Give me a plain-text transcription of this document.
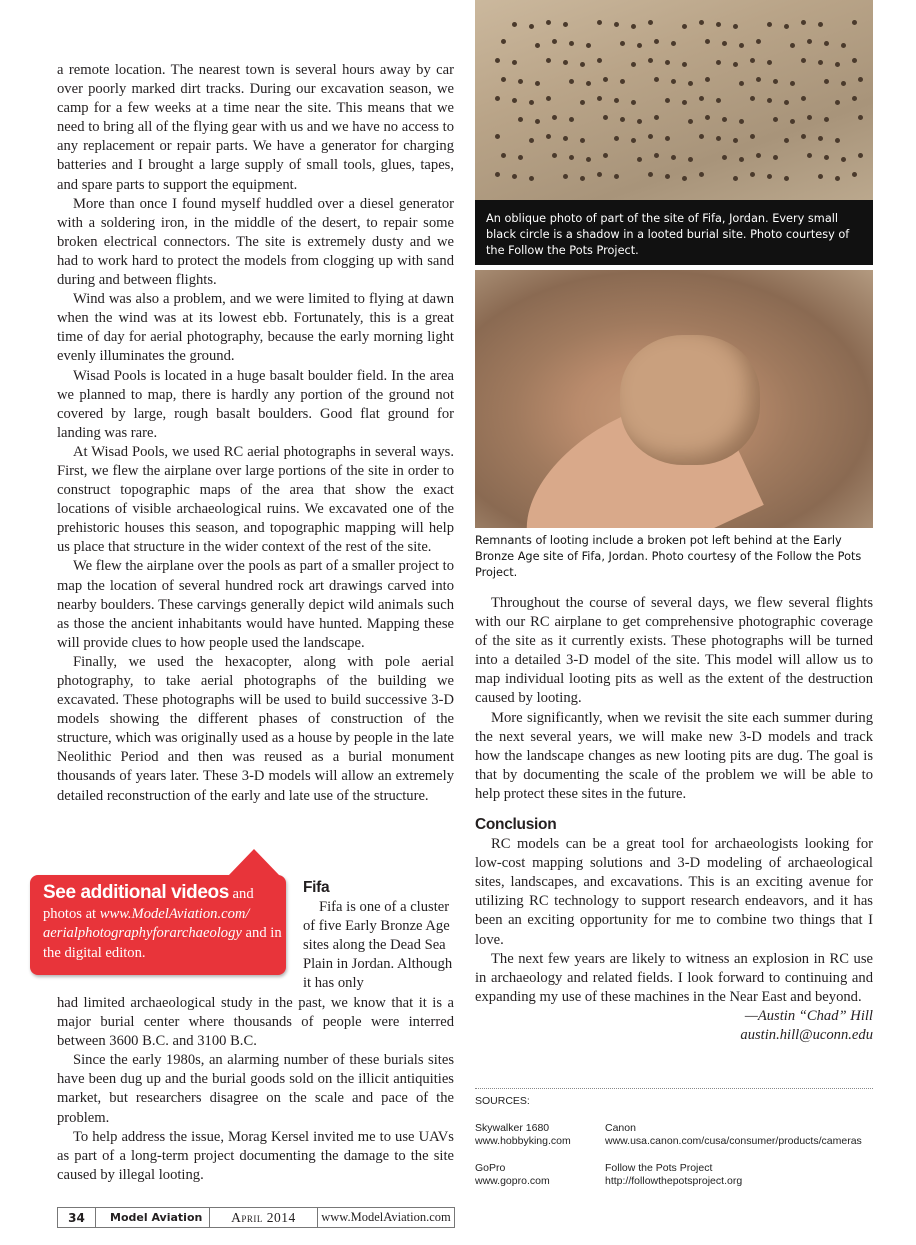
a remote location. The nearest town is several hours away by car over poorly marked dirt tracks. During our excavation season, we camp for a few weeks at a time near the site. This means that we need to bring all of the flying gear with us and we have no access to any replacement or repair parts. We have a generator for charging batteries and I brought a large supply of small tools, glues, tapes, and spare parts to support the equipment.

More than once I found myself huddled over a diesel generator with a soldering iron, in the middle of the desert, to repair some broken electrical connectors. The site is extremely dusty and we had to work hard to protect the models from clogging up with sand during and between flights.

Wind was also a problem, and we were limited to flying at dawn when the wind was at its lowest ebb. Fortunately, this is a great time of day for aerial photography, because the early morning light evenly illuminates the ground.

Wisad Pools is located in a huge basalt boulder field. In the area we planned to map, there is hardly any portion of the ground not covered by large, rough basalt boulders. Good flat ground for landing was rare.

At Wisad Pools, we used RC aerial photographs in several ways. First, we flew the airplane over large portions of the site in order to construct topographic maps of the area that show the exact locations of visible archaeological ruins. We excavated one of the prehistoric houses this season, and topographic mapping will help us place that structure in the wider context of the rest of the site.

We flew the airplane over the pools as part of a smaller project to map the location of several hundred rock art drawings carved into nearby boulders. These carvings generally depict wild animals such as those the ancient inhabitants would have hunted. Mapping these will provide clues to how people used the landscape.

Finally, we used the hexacopter, along with pole aerial photography, to take aerial photographs of the building we excavated. These photographs will be used to build successive 3-D models showing the different phases of construction of the structure, which was originally used as a house by people in the late Neolithic Period and then was reused as a burial monument thousands of years later. These 3-D models will allow an extremely detailed reconstruction of the early and late use of the structure.

See additional videos and photos at www.ModelAviation.com/ aerialphotographyforarchaeology and in the digital editon.
Fifa

Fifa is one of a cluster of five Early Bronze Age sites along the Dead Sea Plain in Jordan. Although it has only

had limited archaeological study in the past, we know that it is a major burial center where thousands of people were interred between 3600 B.C. and 3100 B.C.

Since the early 1980s, an alarming number of these burials sites have been dug up and the burial goods sold on the illicit antiquities market, but researchers disagree on the scale and pace of the problem.

To help address the issue, Morag Kersel invited me to use UAVs as part of a long-term project documenting the damage to the site caused by illegal looting.

An oblique photo of part of the site of Fifa, Jordan. Every small black circle is a shadow in a looted burial site. Photo courtesy of the Follow the Pots Project.
Remnants of looting include a broken pot left behind at the Early Bronze Age site of Fifa, Jordan. Photo courtesy of the Follow the Pots Project.

Throughout the course of several days, we flew several flights with our RC airplane to get comprehensive photographic coverage of the site as it currently exists. These photographs will be turned into a detailed 3-D model of the site. This model will allow us to map individual looting pits as well as the extent of the destruction caused by looting.

More significantly, when we revisit the site each summer during the next several years, we will make new 3-D models and track how the landscape changes as new looting pits are dug. The goal is that by documenting the scale of the problem we will be able to help protect these sites in the future.

Conclusion

RC models can be a great tool for archaeologists looking for low-cost mapping solutions and 3-D modeling of archaeological sites, landscapes, and excavations. This is an exciting avenue for utilizing RC technology to support research endeavors, and it has been an exciting opportunity for me to combine two things that I love.

The next few years are likely to witness an explosion in RC use in archaeology and related fields. I look forward to continuing and expanding my use of these machines in the Near East and beyond.

—Austin “Chad” Hill

austin.hill@uconn.edu

SOURCES:
Skywalker 1680
www.hobbyking.com
Canon
www.usa.canon.com/cusa/consumer/products/cameras
GoPro
www.gopro.com
Follow the Pots Project
http://followthepotsproject.org
34	Model Aviation	April 2014	www.ModelAviation.com
